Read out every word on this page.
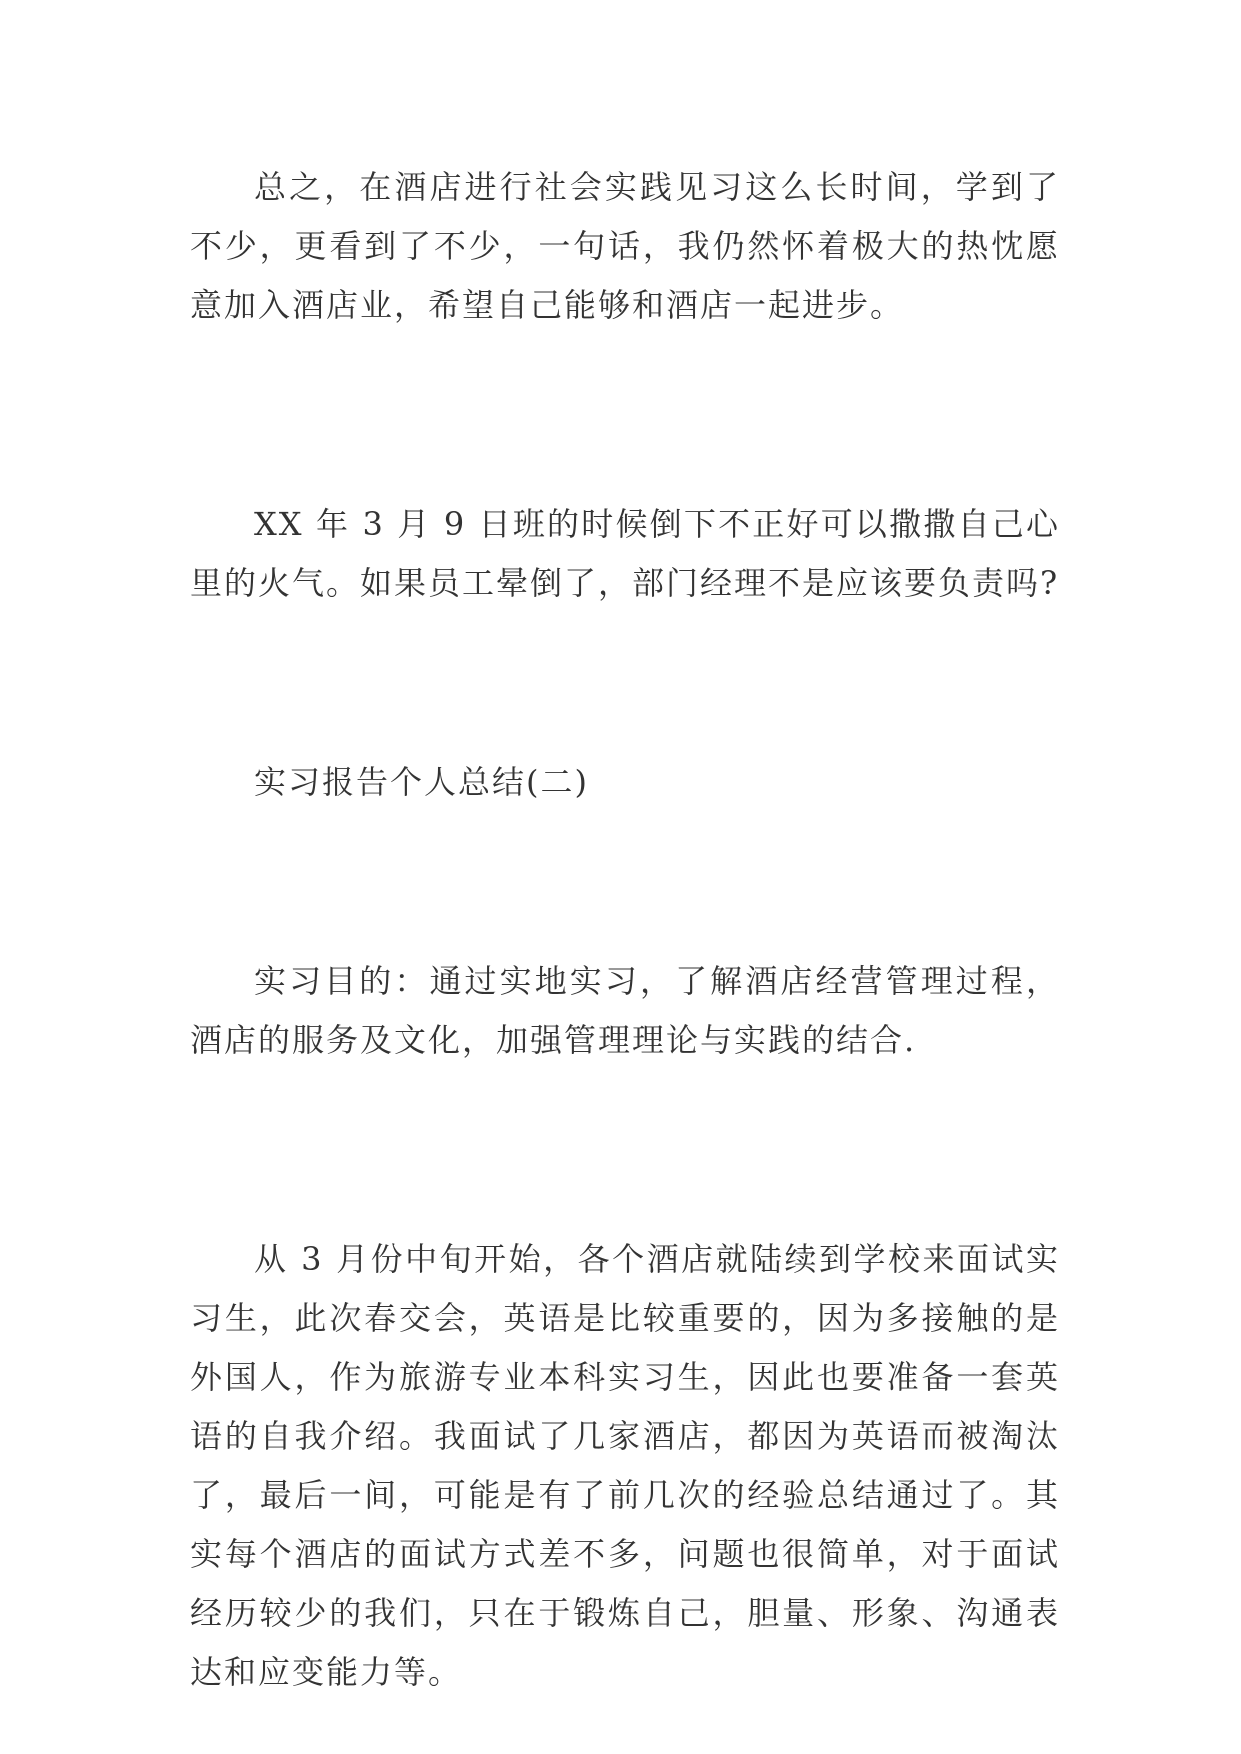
总之，在酒店进行社会实践见习这么长时间，学到了不少，更看到了不少，一句话，我仍然怀着极大的热忱愿意加入酒店业，希望自己能够和酒店一起进步。

XX 年 3 月 9 日班的时候倒下不正好可以撒撒自己心里的火气。如果员工晕倒了，部门经理不是应该要负责吗?

实习报告个人总结(二)

实习目的：通过实地实习，了解酒店经营管理过程，酒店的服务及文化，加强管理理论与实践的结合.

从 3 月份中旬开始，各个酒店就陆续到学校来面试实习生，此次春交会，英语是比较重要的，因为多接触的是外国人，作为旅游专业本科实习生，因此也要准备一套英语的自我介绍。我面试了几家酒店，都因为英语而被淘汰了，最后一间，可能是有了前几次的经验总结通过了。其实每个酒店的面试方式差不多，问题也很简单，对于面试经历较少的我们，只在于锻炼自己，胆量、形象、沟通表达和应变能力等。
